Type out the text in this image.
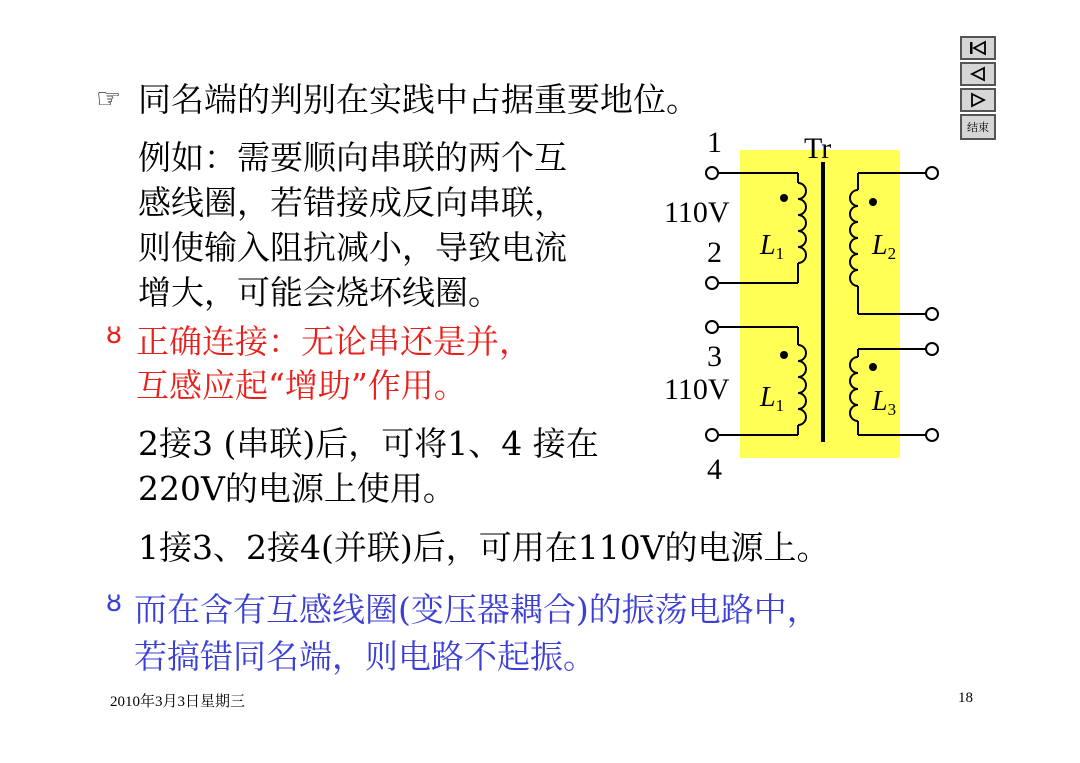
☞ 同名端的判别在实践中占据重要地位。
例如：需要顺向串联的两个互
感线圈，若错接成反向串联，
则使输入阻抗减小，导致电流
增大，可能会烧坏线圈。
ȣ 正确连接：无论串还是并，
互感应起“增助”作用。
2接3 (串联)后，可将1、4 接在
220V的电源上使用。
1接3、2接4(并联)后，可用在110V的电源上。
ȣ 而在含有互感线圈(变压器耦合)的振荡电路中，
若搞错同名端，则电路不起振。
2010年3月3日星期三	18
结束
Tr
1
110V
2
3
110V
4
$L_1$	$L_2$
$L_1$	$L_3$
